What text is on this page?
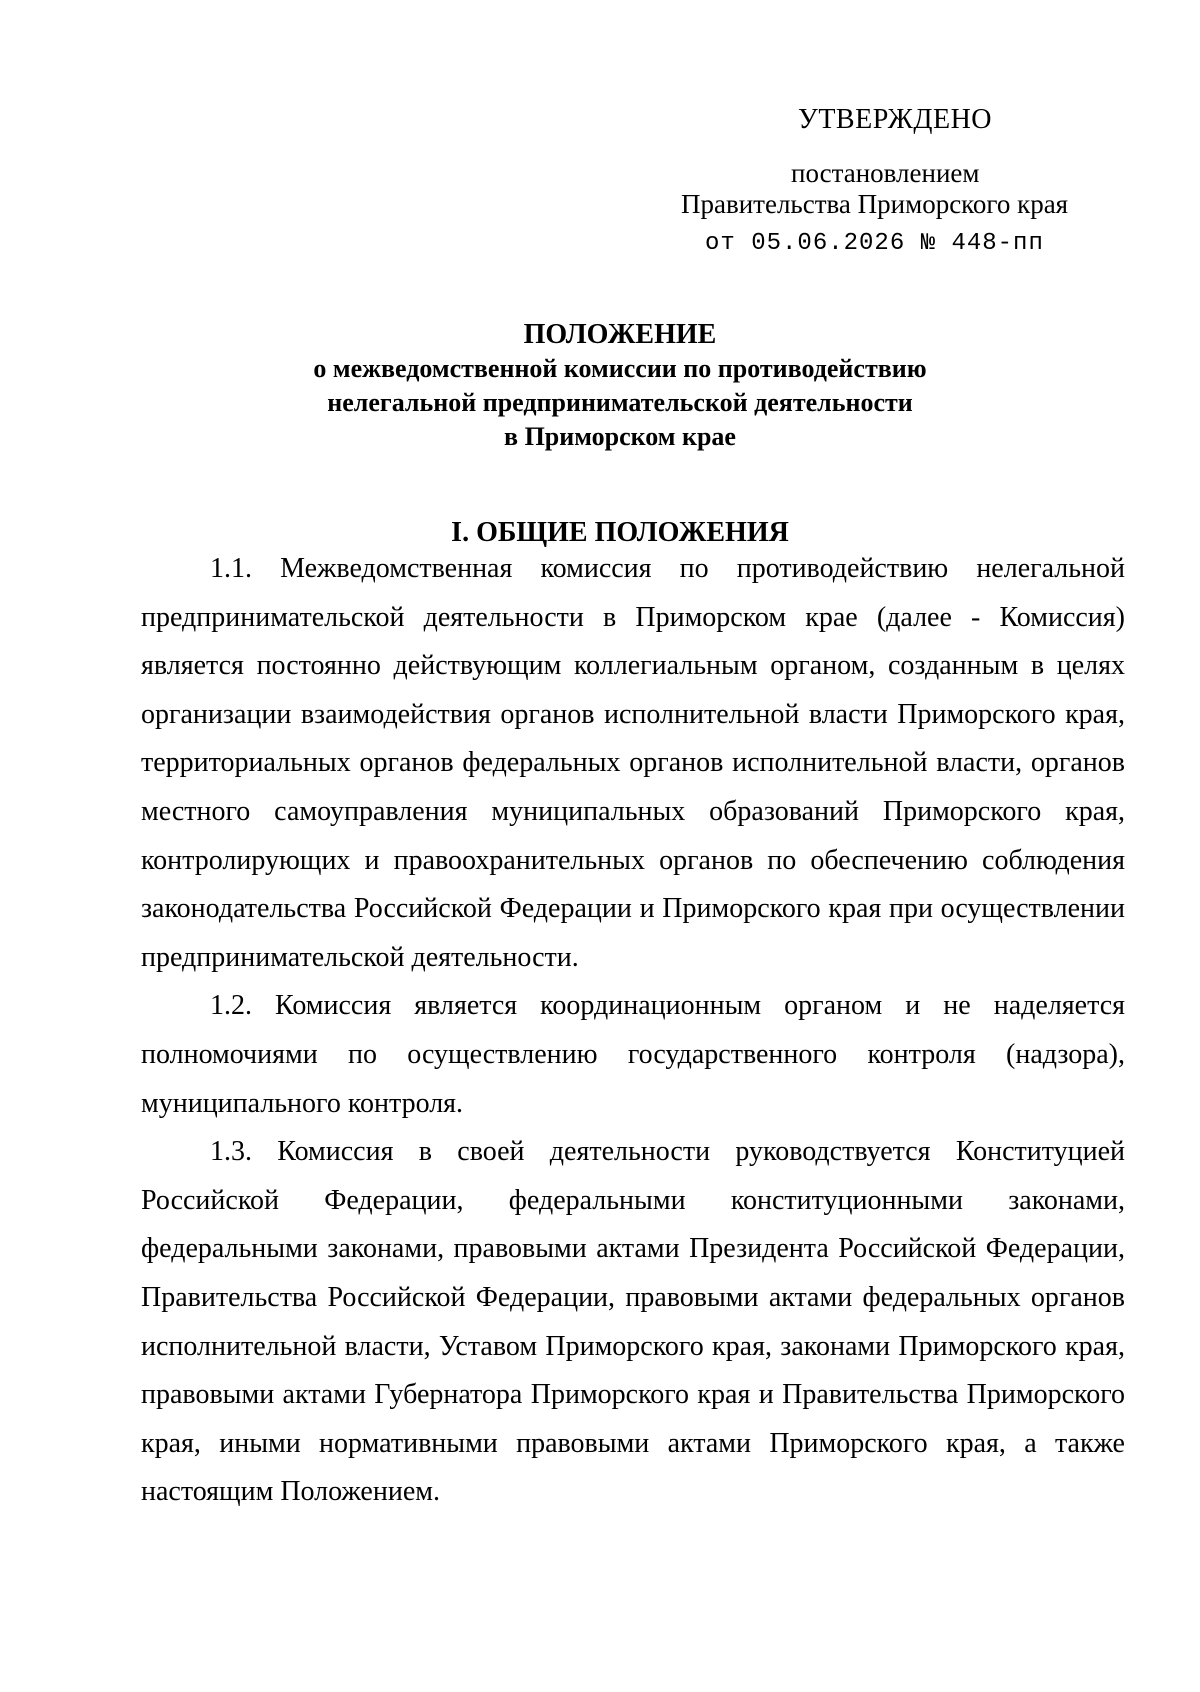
УТВЕРЖДЕНО
постановлением
Правительства Приморского края
от 05.06.2026 № 448-пп
ПОЛОЖЕНИЕ
о межведомственной комиссии по противодействию
нелегальной предпринимательской деятельности
в Приморском крае
I. ОБЩИЕ ПОЛОЖЕНИЯ

1.1. Межведомственная комиссия по противодействию нелегальной предпринимательской деятельности в Приморском крае (далее - Комиссия) является постоянно действующим коллегиальным органом, созданным в целях организации взаимодействия органов исполнительной власти Приморского края, территориальных органов федеральных органов исполнительной власти, органов местного самоуправления муниципальных образований Приморского края, контролирующих и правоохранительных органов по обеспечению соблюдения законодательства Российской Федерации и Приморского края при осуществлении предпринимательской деятельности.

1.2. Комиссия является координационным органом и не наделяется полномочиями по осуществлению государственного контроля (надзора), муниципального контроля.

1.3. Комиссия в своей деятельности руководствуется Конституцией Российской Федерации, федеральными конституционными законами, федеральными законами, правовыми актами Президента Российской Федерации, Правительства Российской Федерации, правовыми актами федеральных органов исполнительной власти, Уставом Приморского края, законами Приморского края, правовыми актами Губернатора Приморского края и Правительства Приморского края, иными нормативными правовыми актами Приморского края, а также настоящим Положением.
